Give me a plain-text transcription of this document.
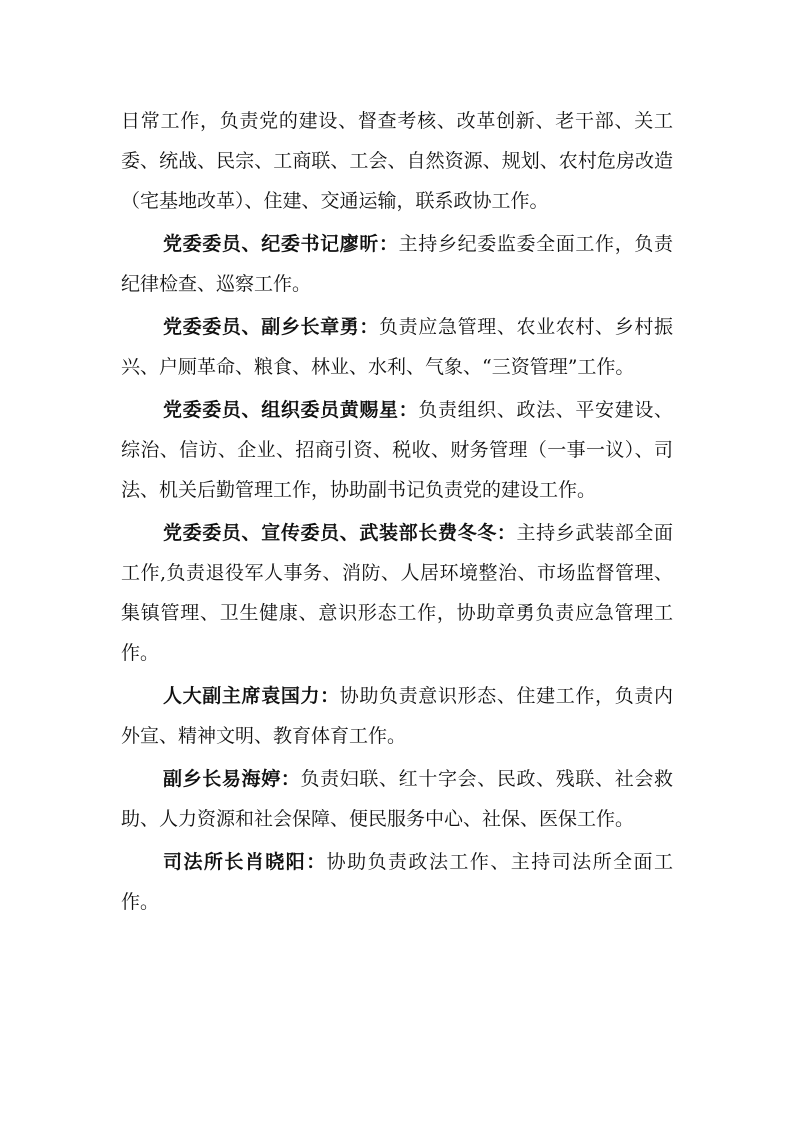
日常工作，负责党的建设、督查考核、改革创新、老干部、关工委、统战、民宗、工商联、工会、自然资源、规划、农村危房改造（宅基地改革）、住建、交通运输，联系政协工作。

党委委员、纪委书记廖昕：主持乡纪委监委全面工作，负责纪律检查、巡察工作。

党委委员、副乡长章勇：负责应急管理、农业农村、乡村振兴、户厕革命、粮食、林业、水利、气象、“三资管理”工作。

党委委员、组织委员黄赐星：负责组织、政法、平安建设、综治、信访、企业、招商引资、税收、财务管理（一事一议）、司法、机关后勤管理工作，协助副书记负责党的建设工作。

党委委员、宣传委员、武装部长费冬冬：主持乡武装部全面工作,负责退役军人事务、消防、人居环境整治、市场监督管理、集镇管理、卫生健康、意识形态工作，协助章勇负责应急管理工作。

人大副主席袁国力：协助负责意识形态、住建工作，负责内外宣、精神文明、教育体育工作。

副乡长易海婷：负责妇联、红十字会、民政、残联、社会救助、人力资源和社会保障、便民服务中心、社保、医保工作。

司法所长肖晓阳：协助负责政法工作、主持司法所全面工作。
